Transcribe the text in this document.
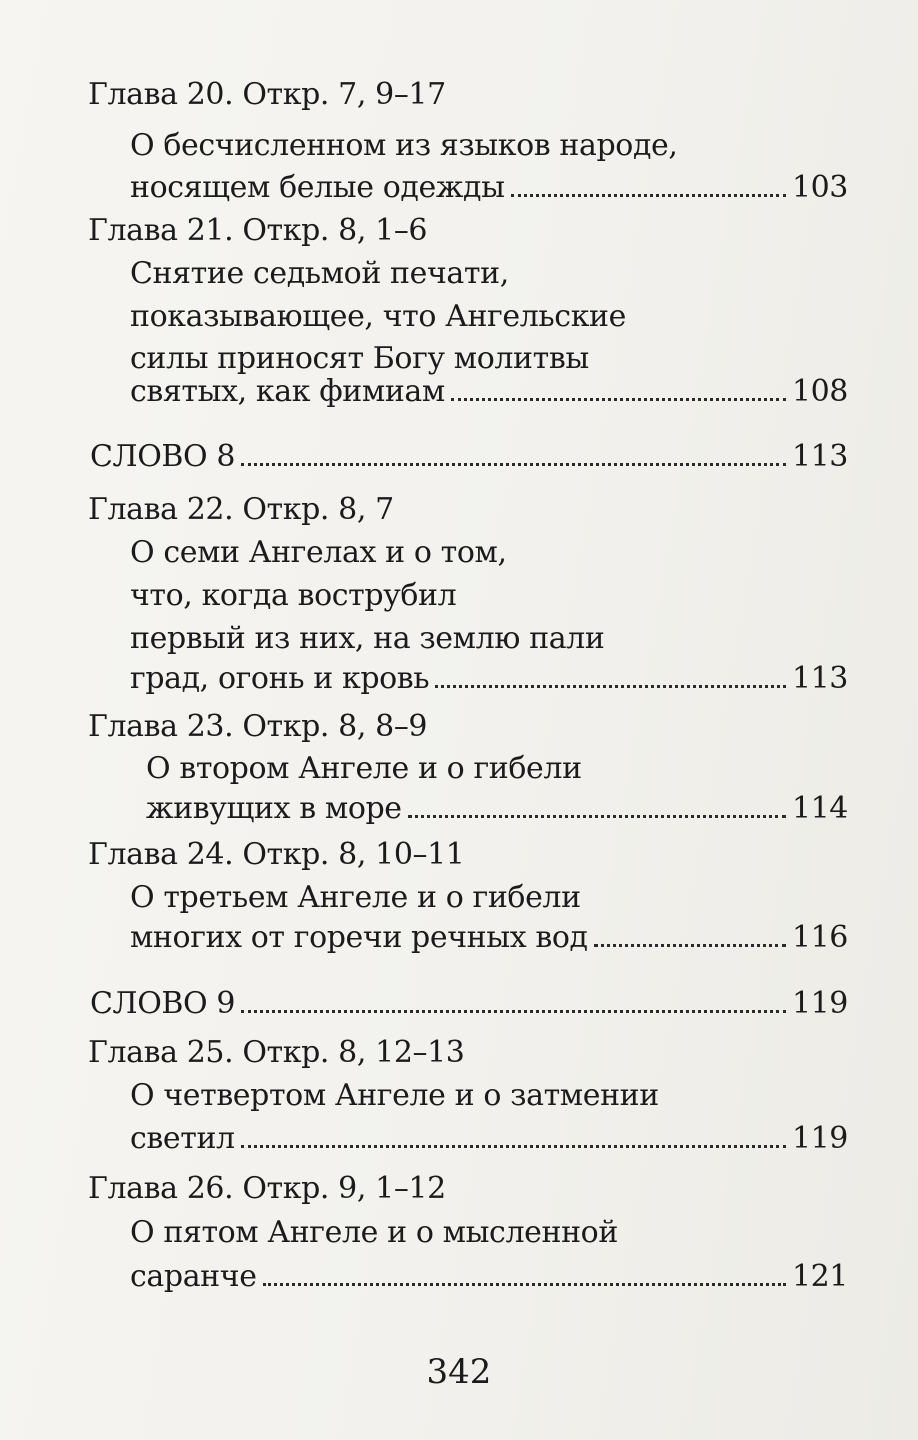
Глава 20. Откр. 7, 9–17
О бесчисленном из языков народе,
носящем белые одежды	103
Глава 21. Откр. 8, 1–6
Снятие седьмой печати,
показывающее, что Ангельские
силы приносят Богу молитвы
святых, как фимиам	108
СЛОВО 8	113
Глава 22. Откр. 8, 7
О семи Ангелах и о том,
что, когда вострубил
первый из них, на землю пали
град, огонь и кровь	113
Глава 23. Откр. 8, 8–9
О втором Ангеле и о гибели
живущих в море	114
Глава 24. Откр. 8, 10–11
О третьем Ангеле и о гибели
многих от горечи речных вод	116
СЛОВО 9	119
Глава 25. Откр. 8, 12–13
О четвертом Ангеле и о затмении
светил	119
Глава 26. Откр. 9, 1–12
О пятом Ангеле и о мысленной
саранче	121
342
